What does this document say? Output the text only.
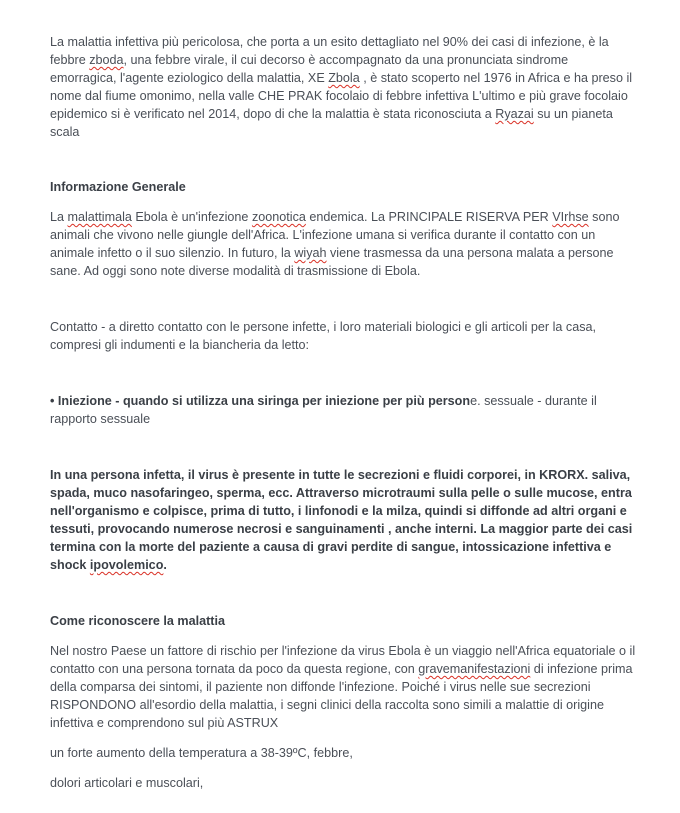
La malattia infettiva più pericolosa, che porta a un esito dettagliato nel 90% dei casi di infezione, è la febbre zboda, una febbre virale, il cui decorso è accompagnato da una pronunciata sindrome emorragica, l'agente eziologico della malattia, XE Zbola , è stato scoperto nel 1976 in Africa e ha preso il nome dal fiume omonimo, nella valle CHE PRAK focolaio di febbre infettiva L'ultimo e più grave focolaio epidemico si è verificato nel 2014, dopo di che la malattia è stata riconosciuta a Ryazai su un pianeta scala

Informazione Generale

La malattimala Ebola è un'infezione zoonotica endemica. La PRINCIPALE RISERVA PER VIrhse sono animali che vivono nelle giungle dell'Africa. L'infezione umana si verifica durante il contatto con un animale infetto o il suo silenzio. In futuro, la wiyah viene trasmessa da una persona malata a persone sane. Ad oggi sono note diverse modalità di trasmissione di Ebola.

Contatto - a diretto contatto con le persone infette, i loro materiali biologici e gli articoli per la casa, compresi gli indumenti e la biancheria da letto:

• Iniezione - quando si utilizza una siringa per iniezione per più persone. sessuale - durante il rapporto sessuale

In una persona infetta, il virus è presente in tutte le secrezioni e fluidi corporei, in KRORX. saliva, spada, muco nasofaringeo, sperma, ecc. Attraverso microtraumi sulla pelle o sulle mucose, entra nell'organismo e colpisce, prima di tutto, i linfonodi e la milza, quindi si diffonde ad altri organi e tessuti, provocando numerose necrosi e sanguinamenti , anche interni. La maggior parte dei casi termina con la morte del paziente a causa di gravi perdite di sangue, intossicazione infettiva e shock ipovolemico.

Come riconoscere la malattia

Nel nostro Paese un fattore di rischio per l'infezione da virus Ebola è un viaggio nell'Africa equatoriale o il contatto con una persona tornata da poco da questa regione, con gravemanifestazioni di infezione prima della comparsa dei sintomi, il paziente non diffonde l'infezione. Poiché i virus nelle sue secrezioni RISPONDONO all'esordio della malattia, i segni clinici della raccolta sono simili a malattie di origine infettiva e comprendono sul più ASTRUX

un forte aumento della temperatura a 38-39ºC, febbre,

dolori articolari e muscolari,
